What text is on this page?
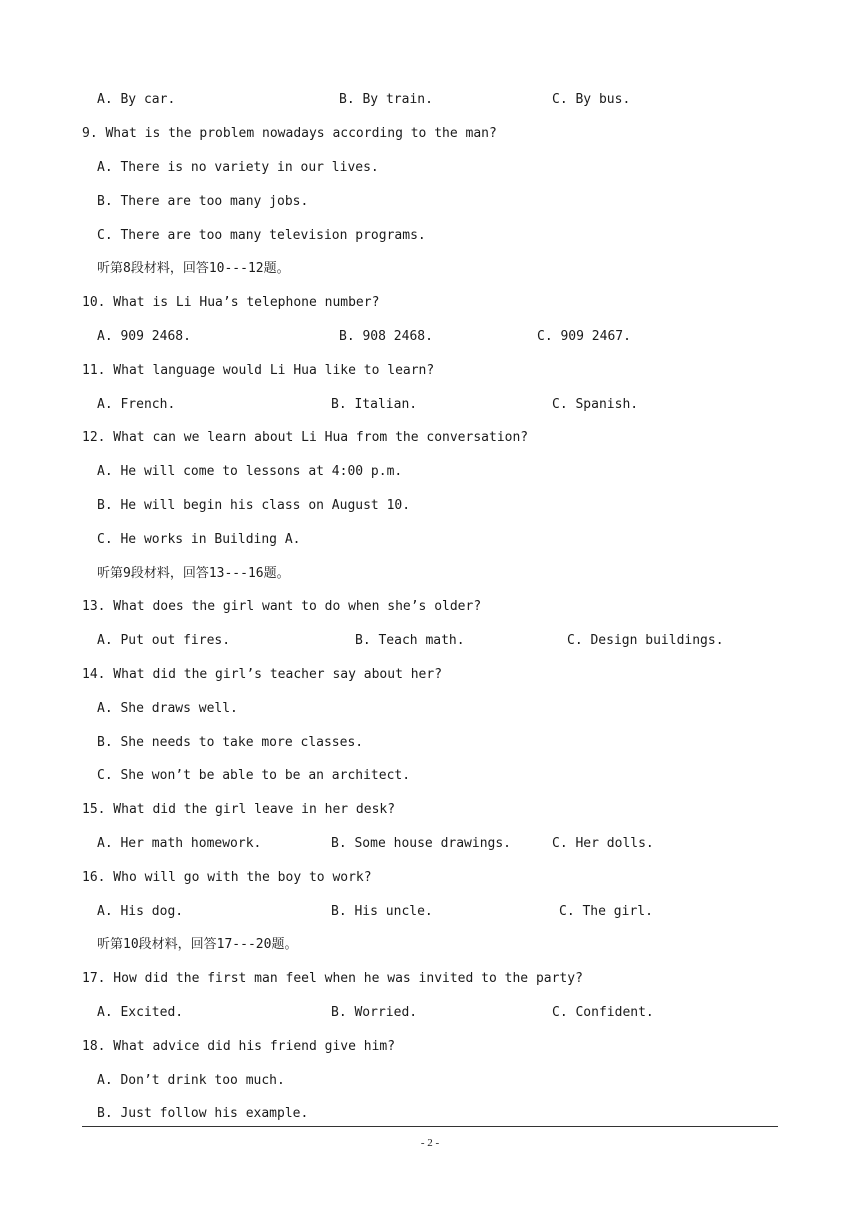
A. By car.	B. By train.	C. By bus.
9. What is the problem nowadays according to the man?
A. There is no variety in our lives.
B. There are too many jobs.
C. There are too many television programs.
听第8段材料，回答10---12题。
10. What is Li Hua’s telephone number?
A. 909 2468.	B. 908 2468.	C. 909 2467.
11. What language would Li Hua like to learn?
A. French.	B. Italian.	C. Spanish.
12. What can we learn about Li Hua from the conversation?
A. He will come to lessons at 4:00 p.m.
B. He will begin his class on August 10.
C. He works in Building A.
听第9段材料，回答13---16题。
13. What does the girl want to do when she’s older?
A. Put out fires.	B. Teach math.	C. Design buildings.
14. What did the girl’s teacher say about her?
A. She draws well.
B. She needs to take more classes.
C. She won’t be able to be an architect.
15. What did the girl leave in her desk?
A. Her math homework.	B. Some house drawings.	C. Her dolls.
16. Who will go with the boy to work?
A. His dog.	B. His uncle.	C. The girl.
听第10段材料，回答17---20题。
17. How did the first man feel when he was invited to the party?
A. Excited.	B. Worried.	C. Confident.
18. What advice did his friend give him?
A. Don’t drink too much.
B. Just follow his example.
- 2 -
